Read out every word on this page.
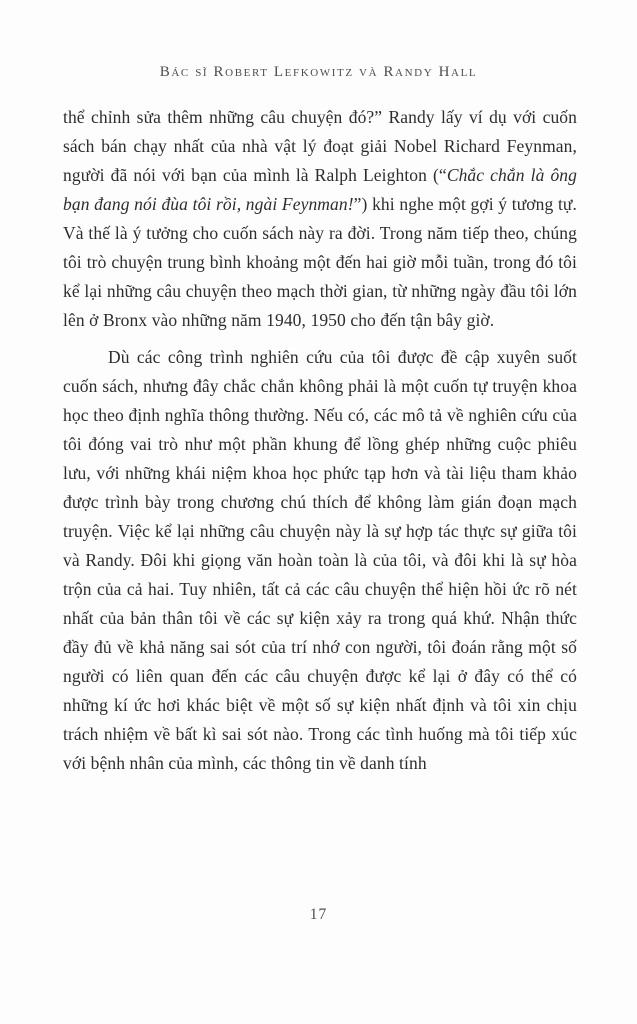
Bác sĩ Robert Lefkowitz và Randy Hall

thể chỉnh sửa thêm những câu chuyện đó?” Randy lấy ví dụ với cuốn sách bán chạy nhất của nhà vật lý đoạt giải Nobel Richard Feynman, người đã nói với bạn của mình là Ralph Leighton (“Chắc chắn là ông bạn đang nói đùa tôi rồi, ngài Feynman!”) khi nghe một gợi ý tương tự. Và thế là ý tưởng cho cuốn sách này ra đời. Trong năm tiếp theo, chúng tôi trò chuyện trung bình khoảng một đến hai giờ mỗi tuần, trong đó tôi kể lại những câu chuyện theo mạch thời gian, từ những ngày đầu tôi lớn lên ở Bronx vào những năm 1940, 1950 cho đến tận bây giờ.

Dù các công trình nghiên cứu của tôi được đề cập xuyên suốt cuốn sách, nhưng đây chắc chắn không phải là một cuốn tự truyện khoa học theo định nghĩa thông thường. Nếu có, các mô tả về nghiên cứu của tôi đóng vai trò như một phần khung để lồng ghép những cuộc phiêu lưu, với những khái niệm khoa học phức tạp hơn và tài liệu tham khảo được trình bày trong chương chú thích để không làm gián đoạn mạch truyện. Việc kể lại những câu chuyện này là sự hợp tác thực sự giữa tôi và Randy. Đôi khi giọng văn hoàn toàn là của tôi, và đôi khi là sự hòa trộn của cả hai. Tuy nhiên, tất cả các câu chuyện thể hiện hồi ức rõ nét nhất của bản thân tôi về các sự kiện xảy ra trong quá khứ. Nhận thức đầy đủ về khả năng sai sót của trí nhớ con người, tôi đoán rằng một số người có liên quan đến các câu chuyện được kể lại ở đây có thể có những kí ức hơi khác biệt về một số sự kiện nhất định và tôi xin chịu trách nhiệm về bất kì sai sót nào. Trong các tình huống mà tôi tiếp xúc với bệnh nhân của mình, các thông tin về danh tính

17
